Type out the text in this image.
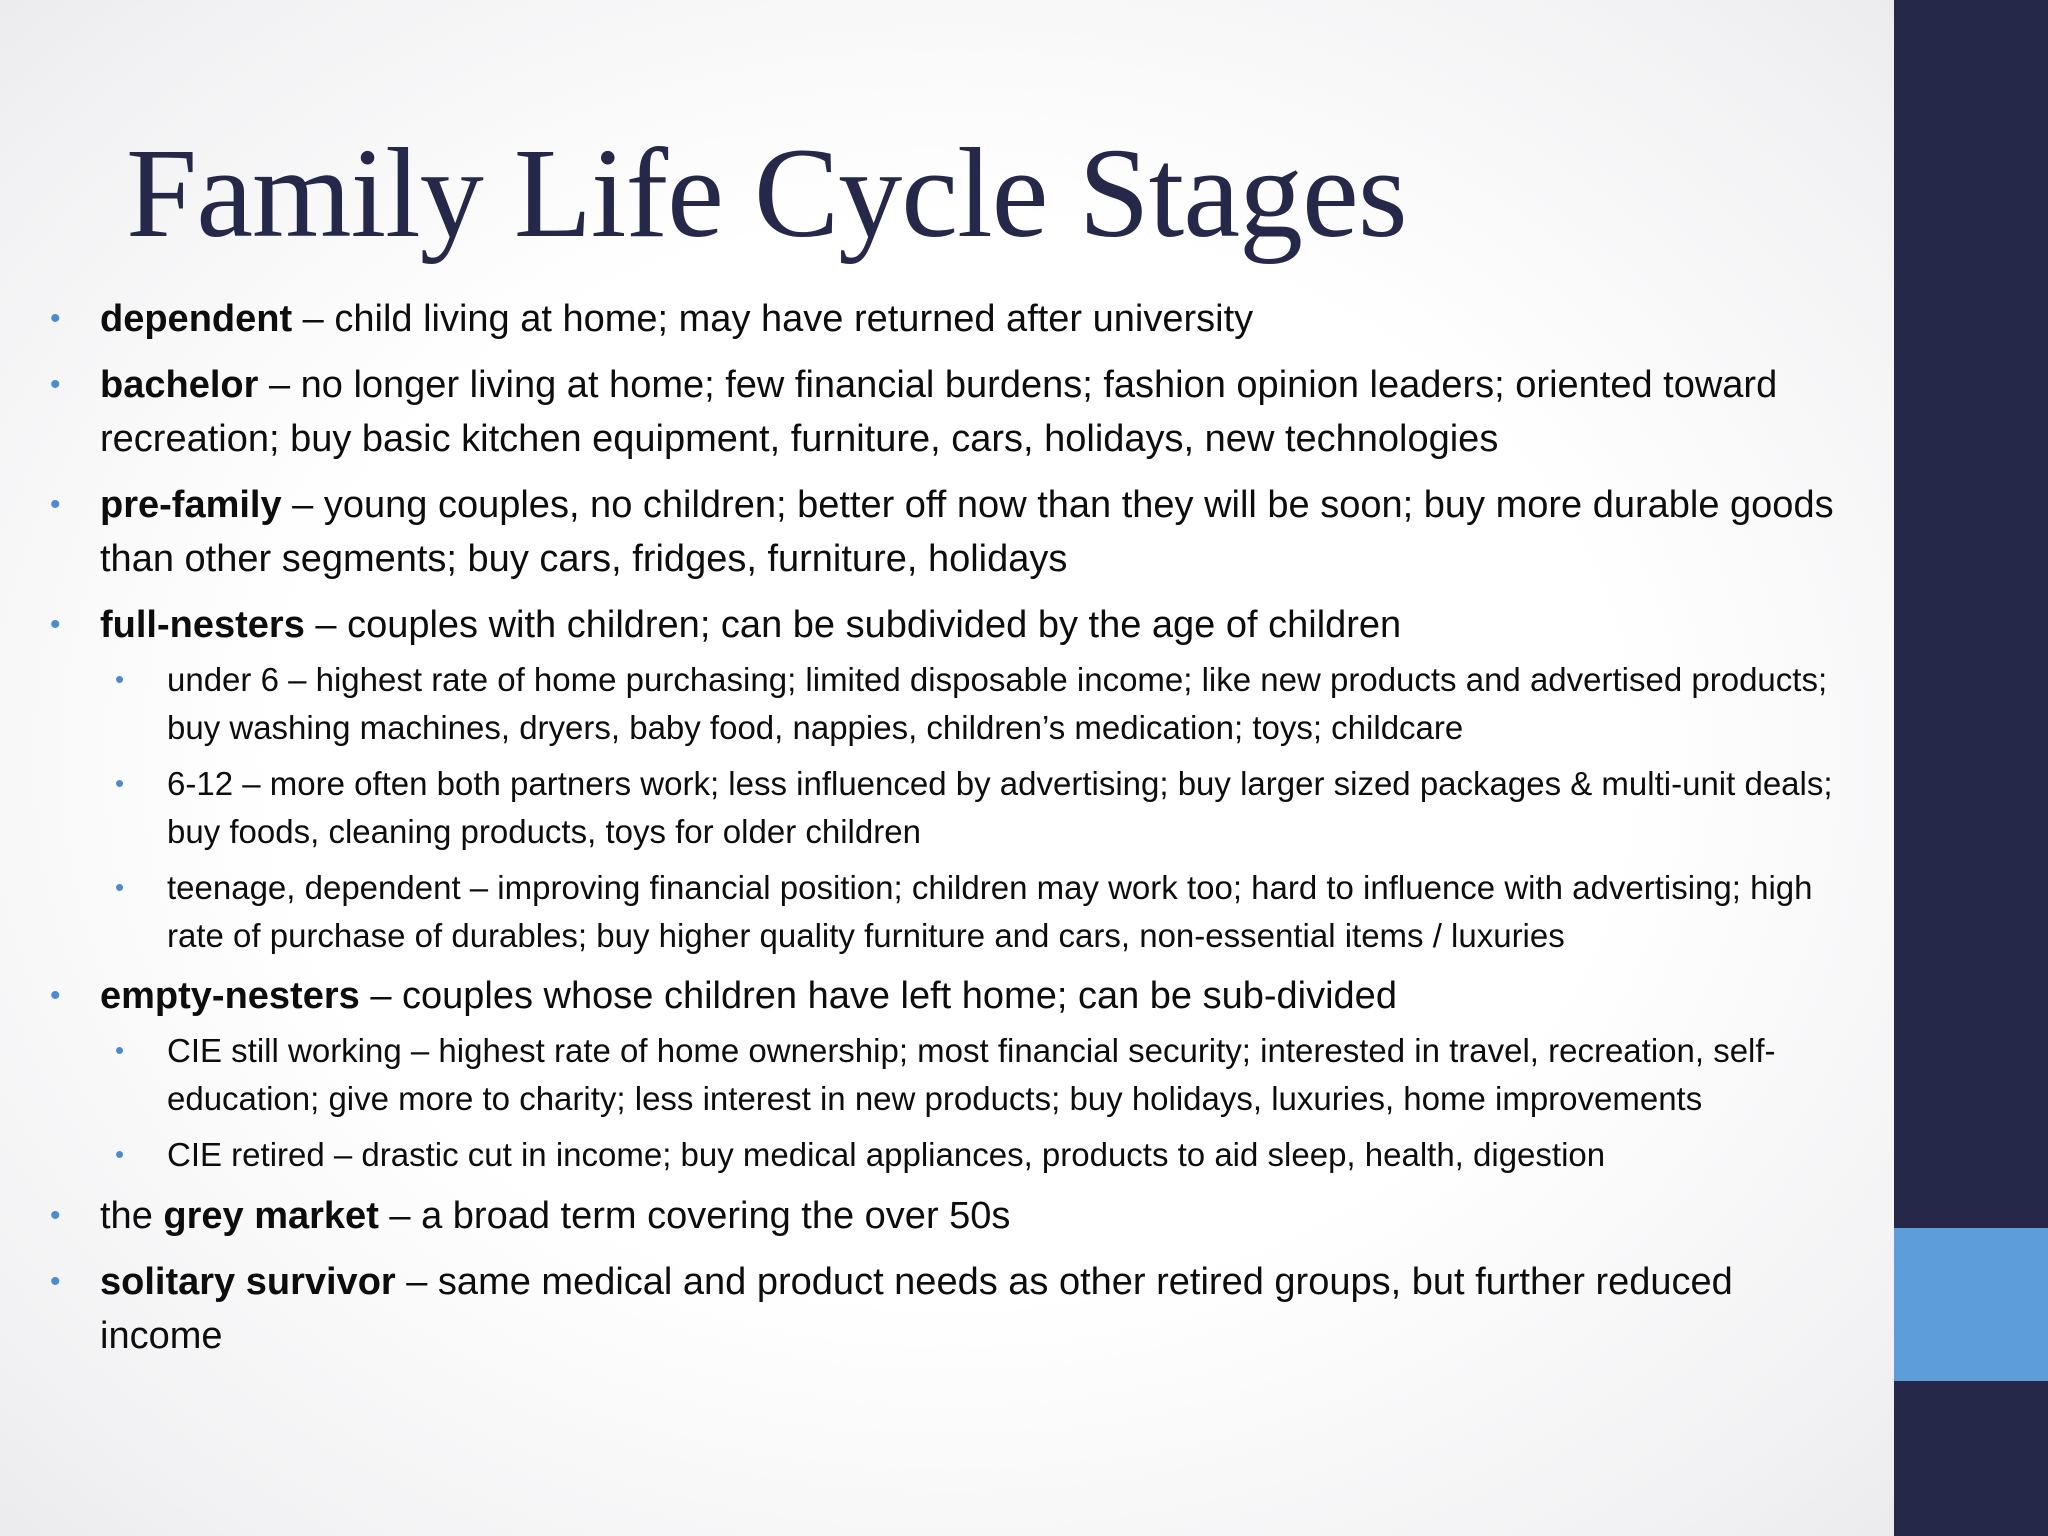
Family Life Cycle Stages
• dependent – child living at home; may have returned after university
• bachelor – no longer living at home; few financial burdens; fashion opinion leaders; oriented toward recreation; buy basic kitchen equipment, furniture, cars, holidays, new technologies
• pre-family – young couples, no children; better off now than they will be soon; buy more durable goods than other segments; buy cars, fridges, furniture, holidays
• full-nesters – couples with children; can be subdivided by the age of children
• under 6 – highest rate of home purchasing; limited disposable income; like new products and advertised products; buy washing machines, dryers, baby food, nappies, children’s medication; toys; childcare
• 6-12 – more often both partners work; less influenced by advertising; buy larger sized packages & multi-unit deals; buy foods, cleaning products, toys for older children
• teenage, dependent – improving financial position; children may work too; hard to influence with advertising; high rate of purchase of durables; buy higher quality furniture and cars, non-essential items / luxuries
• empty-nesters – couples whose children have left home; can be sub-divided
• CIE still working – highest rate of home ownership; most financial security; interested in travel, recreation, self-education; give more to charity; less interest in new products; buy holidays, luxuries, home improvements
• CIE retired – drastic cut in income; buy medical appliances, products to aid sleep, health, digestion
• the grey market – a broad term covering the over 50s
• solitary survivor – same medical and product needs as other retired groups, but further reduced income
